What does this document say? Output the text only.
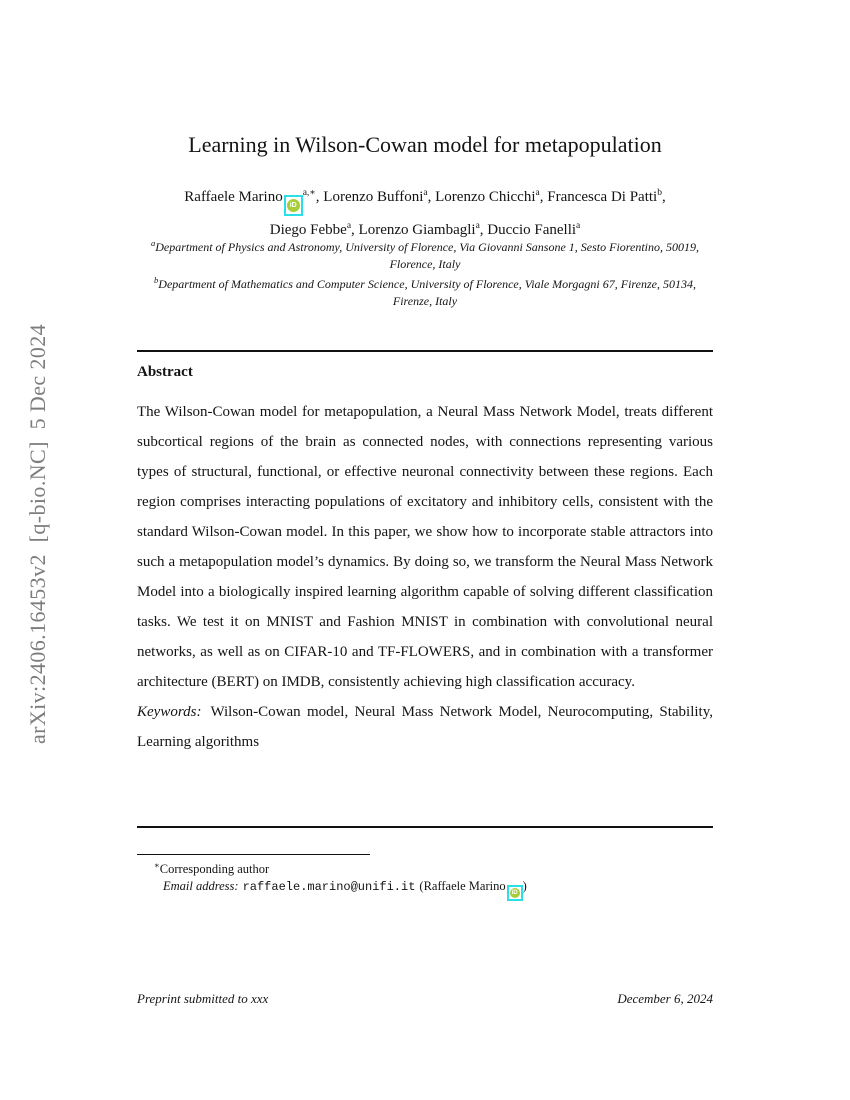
arXiv:2406.16453v2  [q-bio.NC]  5 Dec 2024
Learning in Wilson-Cowan model for metapopulation
Raffaele MarinoiD$^{a,∗}$, Lorenzo Buffoni$^a$, Lorenzo Chicchi$^a$, Francesca Di Patti$^b$,
Diego Febbe$^a$, Lorenzo Giambagli$^a$, Duccio Fanelli$^a$
$^a$Department of Physics and Astronomy, University of Florence, Via Giovanni Sansone 1, Sesto Fiorentino, 50019, Florence, Italy
$^b$Department of Mathematics and Computer Science, University of Florence, Viale Morgagni 67, Firenze, 50134, Firenze, Italy
Abstract

The Wilson-Cowan model for metapopulation, a Neural Mass Network Model, treats different subcortical regions of the brain as connected nodes, with connections representing various types of structural, functional, or effective neuronal connectivity between these regions. Each region comprises interacting populations of excitatory and inhibitory cells, consistent with the standard Wilson-Cowan model. In this paper, we show how to incorporate stable attractors into such a metapopulation model’s dynamics. By doing so, we transform the Neural Mass Network Model into a biologically inspired learning algorithm capable of solving different classification tasks. We test it on MNIST and Fashion MNIST in combination with convolutional neural networks, as well as on CIFAR-10 and TF-FLOWERS, and in combination with a transformer architecture (BERT) on IMDB, consistently achieving high classification accuracy.

Keywords: Wilson-Cowan model, Neural Mass Network Model, Neurocomputing, Stability, Learning algorithms

∗Corresponding author
Email address: raffaele.marino@unifi.it (Raffaele Marino iD )
Preprint submitted to xxx	December 6, 2024
